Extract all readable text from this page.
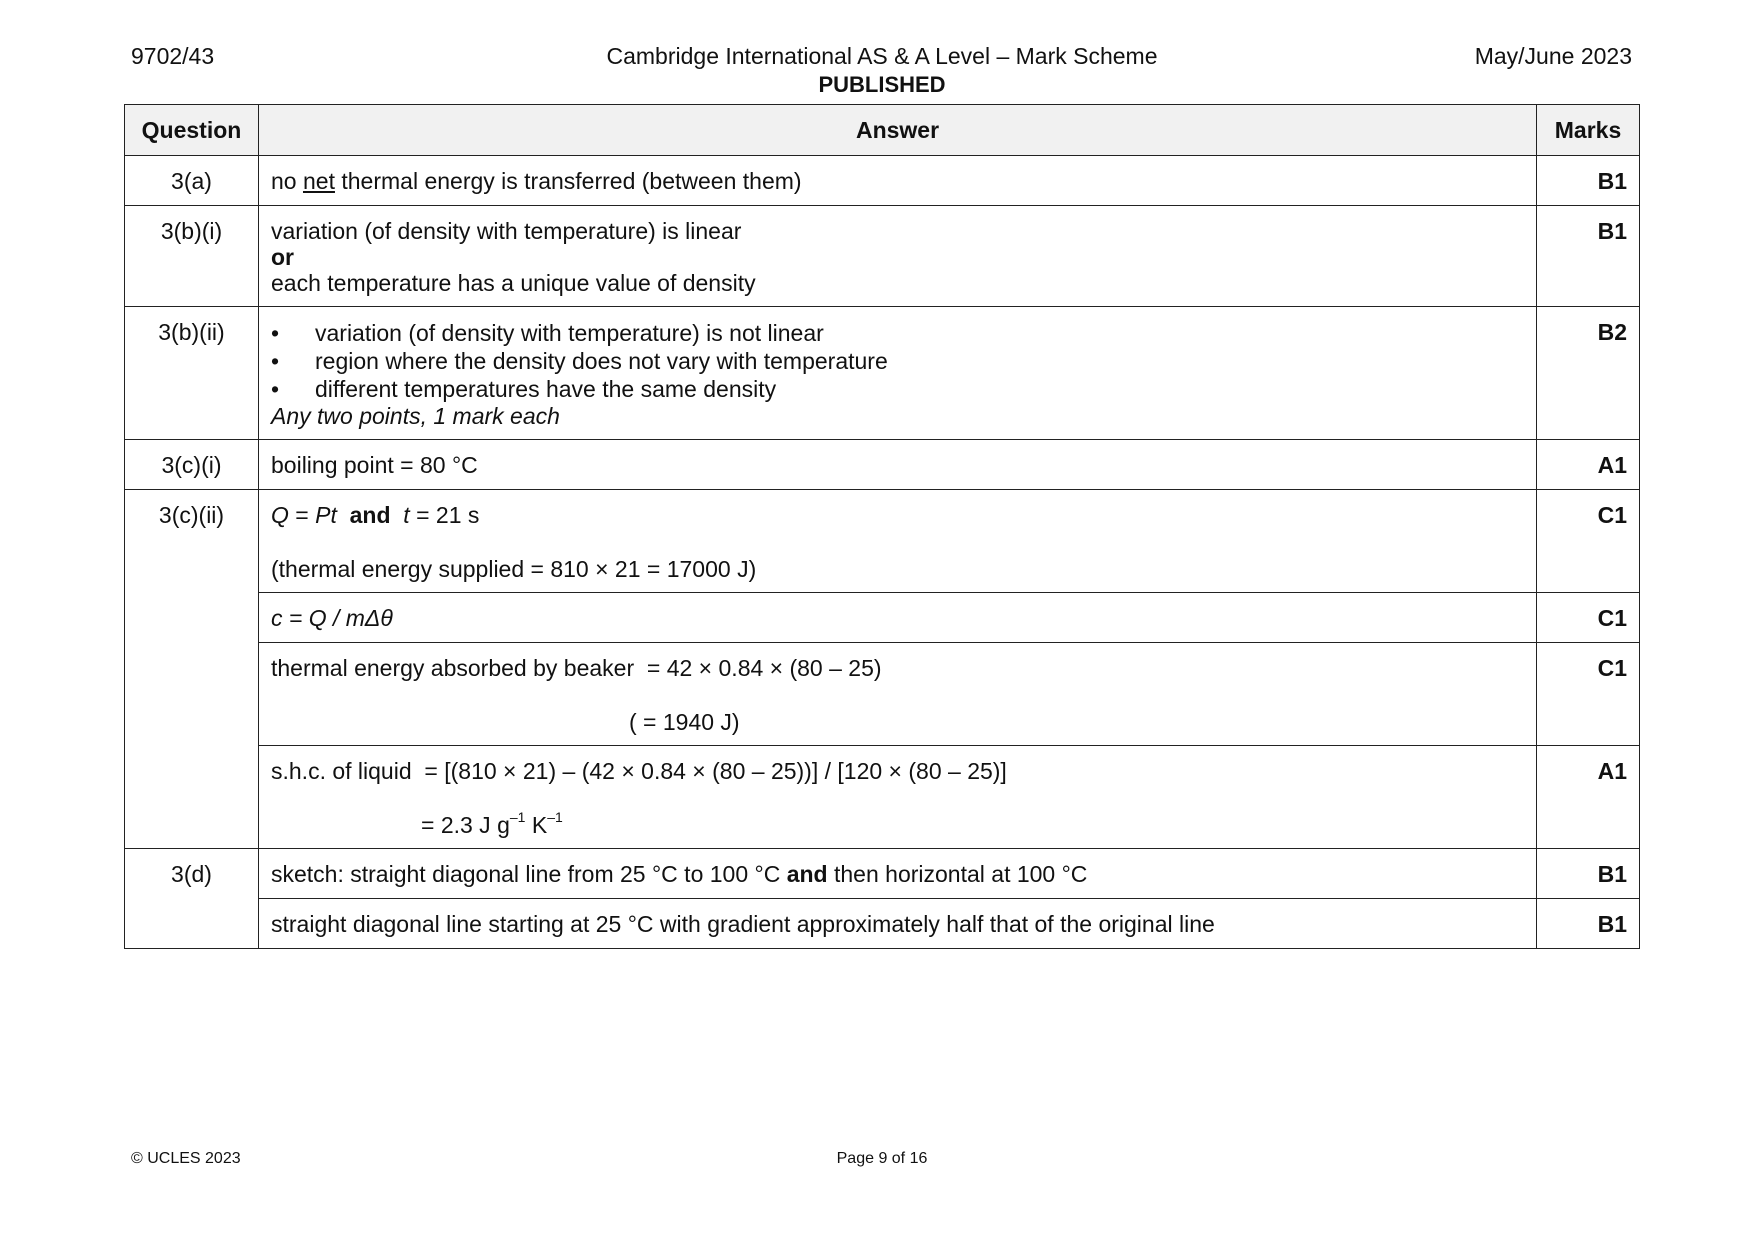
9702/43	Cambridge International AS & A Level – Mark Scheme
PUBLISHED
May/June 2023
Question	Answer	Marks
3(a)	no net thermal energy is transferred (between them)	B1
3(b)(i)	variation (of density with temperature) is linear
or
each temperature has a unique value of density	B1
3(b)(ii)	• variation (of density with temperature) is not linear
• region where the density does not vary with temperature
• different temperatures have the same density
Any two points, 1 mark each	B2
3(c)(i)	boiling point = 80 °C	A1
3(c)(ii)	Q = Pt and t = 21 s
(thermal energy supplied = 810 × 21 = 17000 J)	C1
	c = Q / mΔθ	C1

	thermal energy absorbed by beaker = 42 × 0.84 × (80 – 25)
( = 1940 J)	C1

	s.h.c. of liquid = [(810 × 21) – (42 × 0.84 × (80 – 25))] / [120 × (80 – 25)]
= 2.3 J $g^{-1}$ $K^{-1}$	A1
3(d)	sketch: straight diagonal line from 25 °C to 100 °C and then horizontal at 100 °C	B1
	straight diagonal line starting at 25 °C with gradient approximately half that of the original line	B1
© UCLES 2023	Page 9 of 16
